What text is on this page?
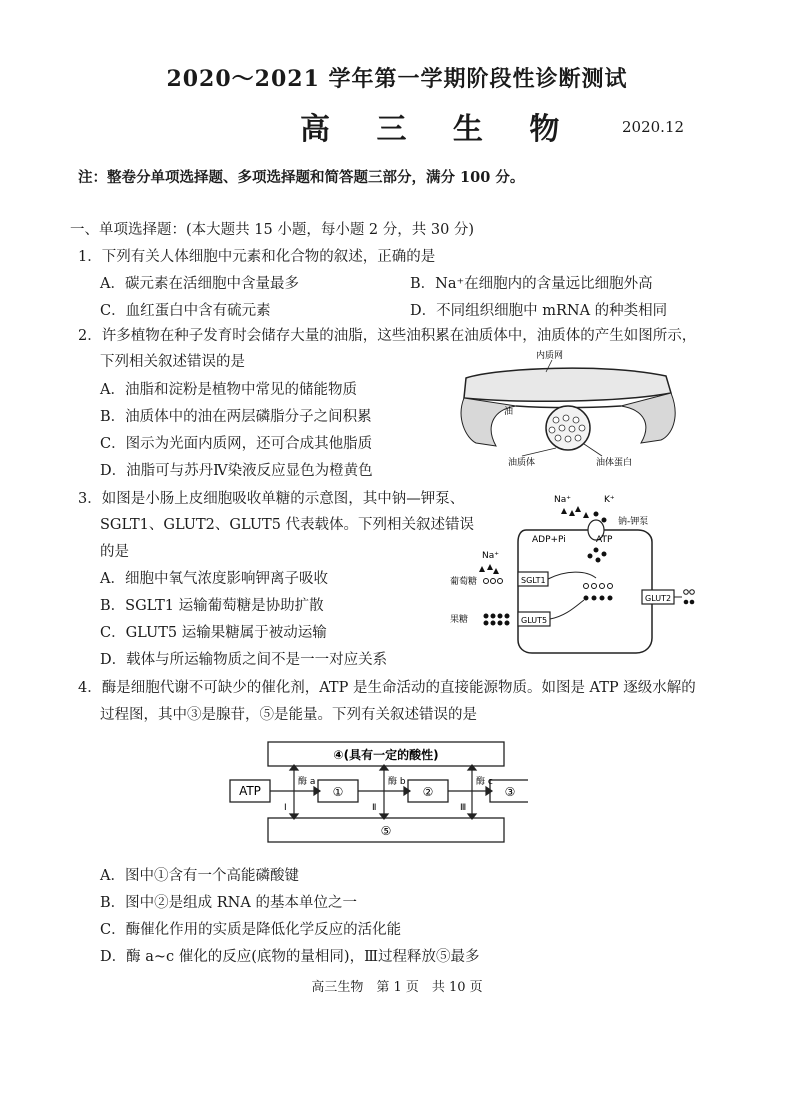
2020～2021 学年第一学期阶段性诊断测试
高 三 生 物	2020.12
注：整卷分单项选择题、多项选择题和简答题三部分，满分 100 分。
一、单项选择题：(本大题共 15 小题，每小题 2 分，共 30 分)
1．下列有关人体细胞中元素和化合物的叙述，正确的是
A．碳元素在活细胞中含量最多	B．Na⁺在细胞内的含量远比细胞外高
C．血红蛋白中含有硫元素	D．不同组织细胞中 mRNA 的种类相同
2．许多植物在种子发育时会储存大量的油脂，这些油积累在油质体中，油质体的产生如图所示，
下列相关叙述错误的是
A．油脂和淀粉是植物中常见的储能物质
B．油质体中的油在两层磷脂分子之间积累
C．图示为光面内质网，还可合成其他脂质
D．油脂可与苏丹Ⅳ染液反应显色为橙黄色
内质网
油
油质体	油体蛋白
3．如图是小肠上皮细胞吸收单糖的示意图，其中钠—钾泵、
SGLT1、GLUT2、GLUT5 代表载体。下列相关叙述错误
的是
A．细胞中氧气浓度影响钾离子吸收
B．SGLT1 运输葡萄糖是协助扩散
C．GLUT5 运输果糖属于被动运输
D．载体与所运输物质之间不是一一对应关系
Na⁺	K⁺
钠-钾泵
ADP+Pi	ATP
Na⁺
葡萄糖	SGLT1
GLUT2
果糖	GLUT5
4．酶是细胞代谢不可缺少的催化剂，ATP 是生命活动的直接能源物质。如图是 ATP 逐级水解的
过程图，其中③是腺苷，⑤是能量。下列有关叙述错误的是
④(具有一定的酸性)
ATP	①	②	③
⑤
酶 a	酶 b	酶 c
Ⅰ	Ⅱ	Ⅲ
A．图中①含有一个高能磷酸键
B．图中②是组成 RNA 的基本单位之一
C．酶催化作用的实质是降低化学反应的活化能
D．酶 a~c 催化的反应(底物的量相同)，Ⅲ过程释放⑤最多
高三生物　第 1 页　共 10 页
